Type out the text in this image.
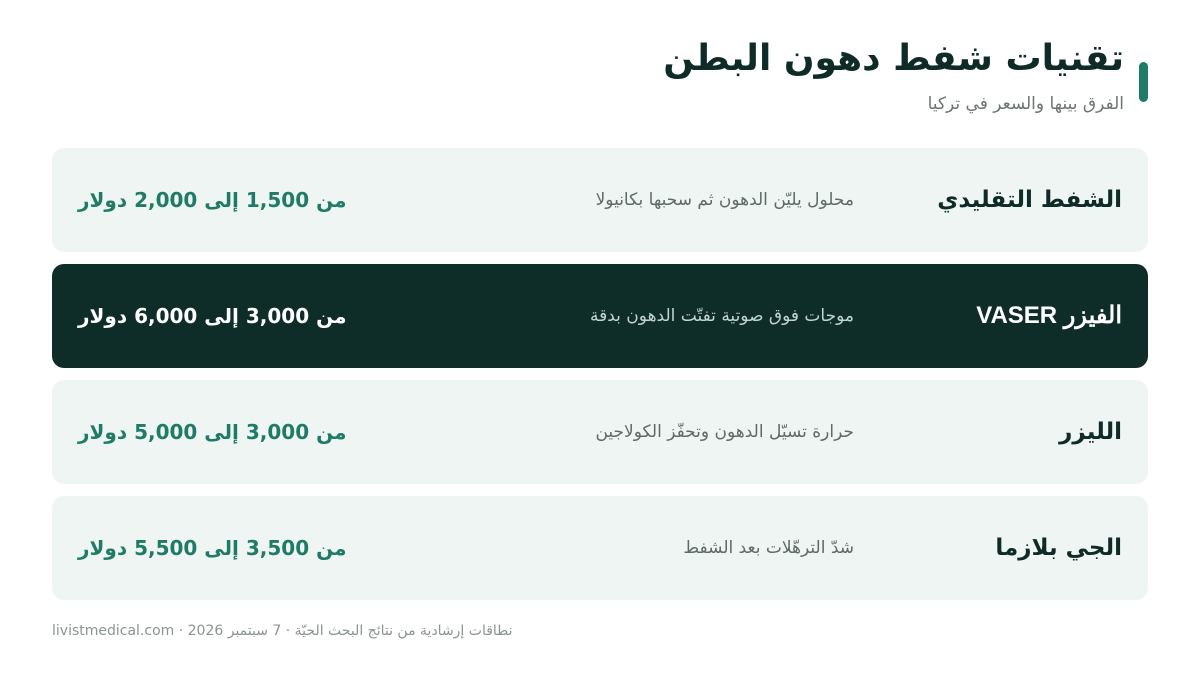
تقنيات شفط دهون البطن

الفرق بينها والسعر في تركيا

الشفط التقليدي
محلول يليّن الدهون ثم سحبها بكانيولا
من 1,500 إلى 2,000 دولار
الفيزر VASER
موجات فوق صوتية تفتّت الدهون بدقة
من 3,000 إلى 6,000 دولار
الليزر
حرارة تسيّل الدهون وتحفّز الكولاجين
من 3,000 إلى 5,000 دولار
الجي بلازما
شدّ الترهّلات بعد الشفط
من 3,500 إلى 5,500 دولار
نطاقات إرشادية من نتائج البحث الحيّة · 7 سبتمبر 2026 · livistmedical.com
